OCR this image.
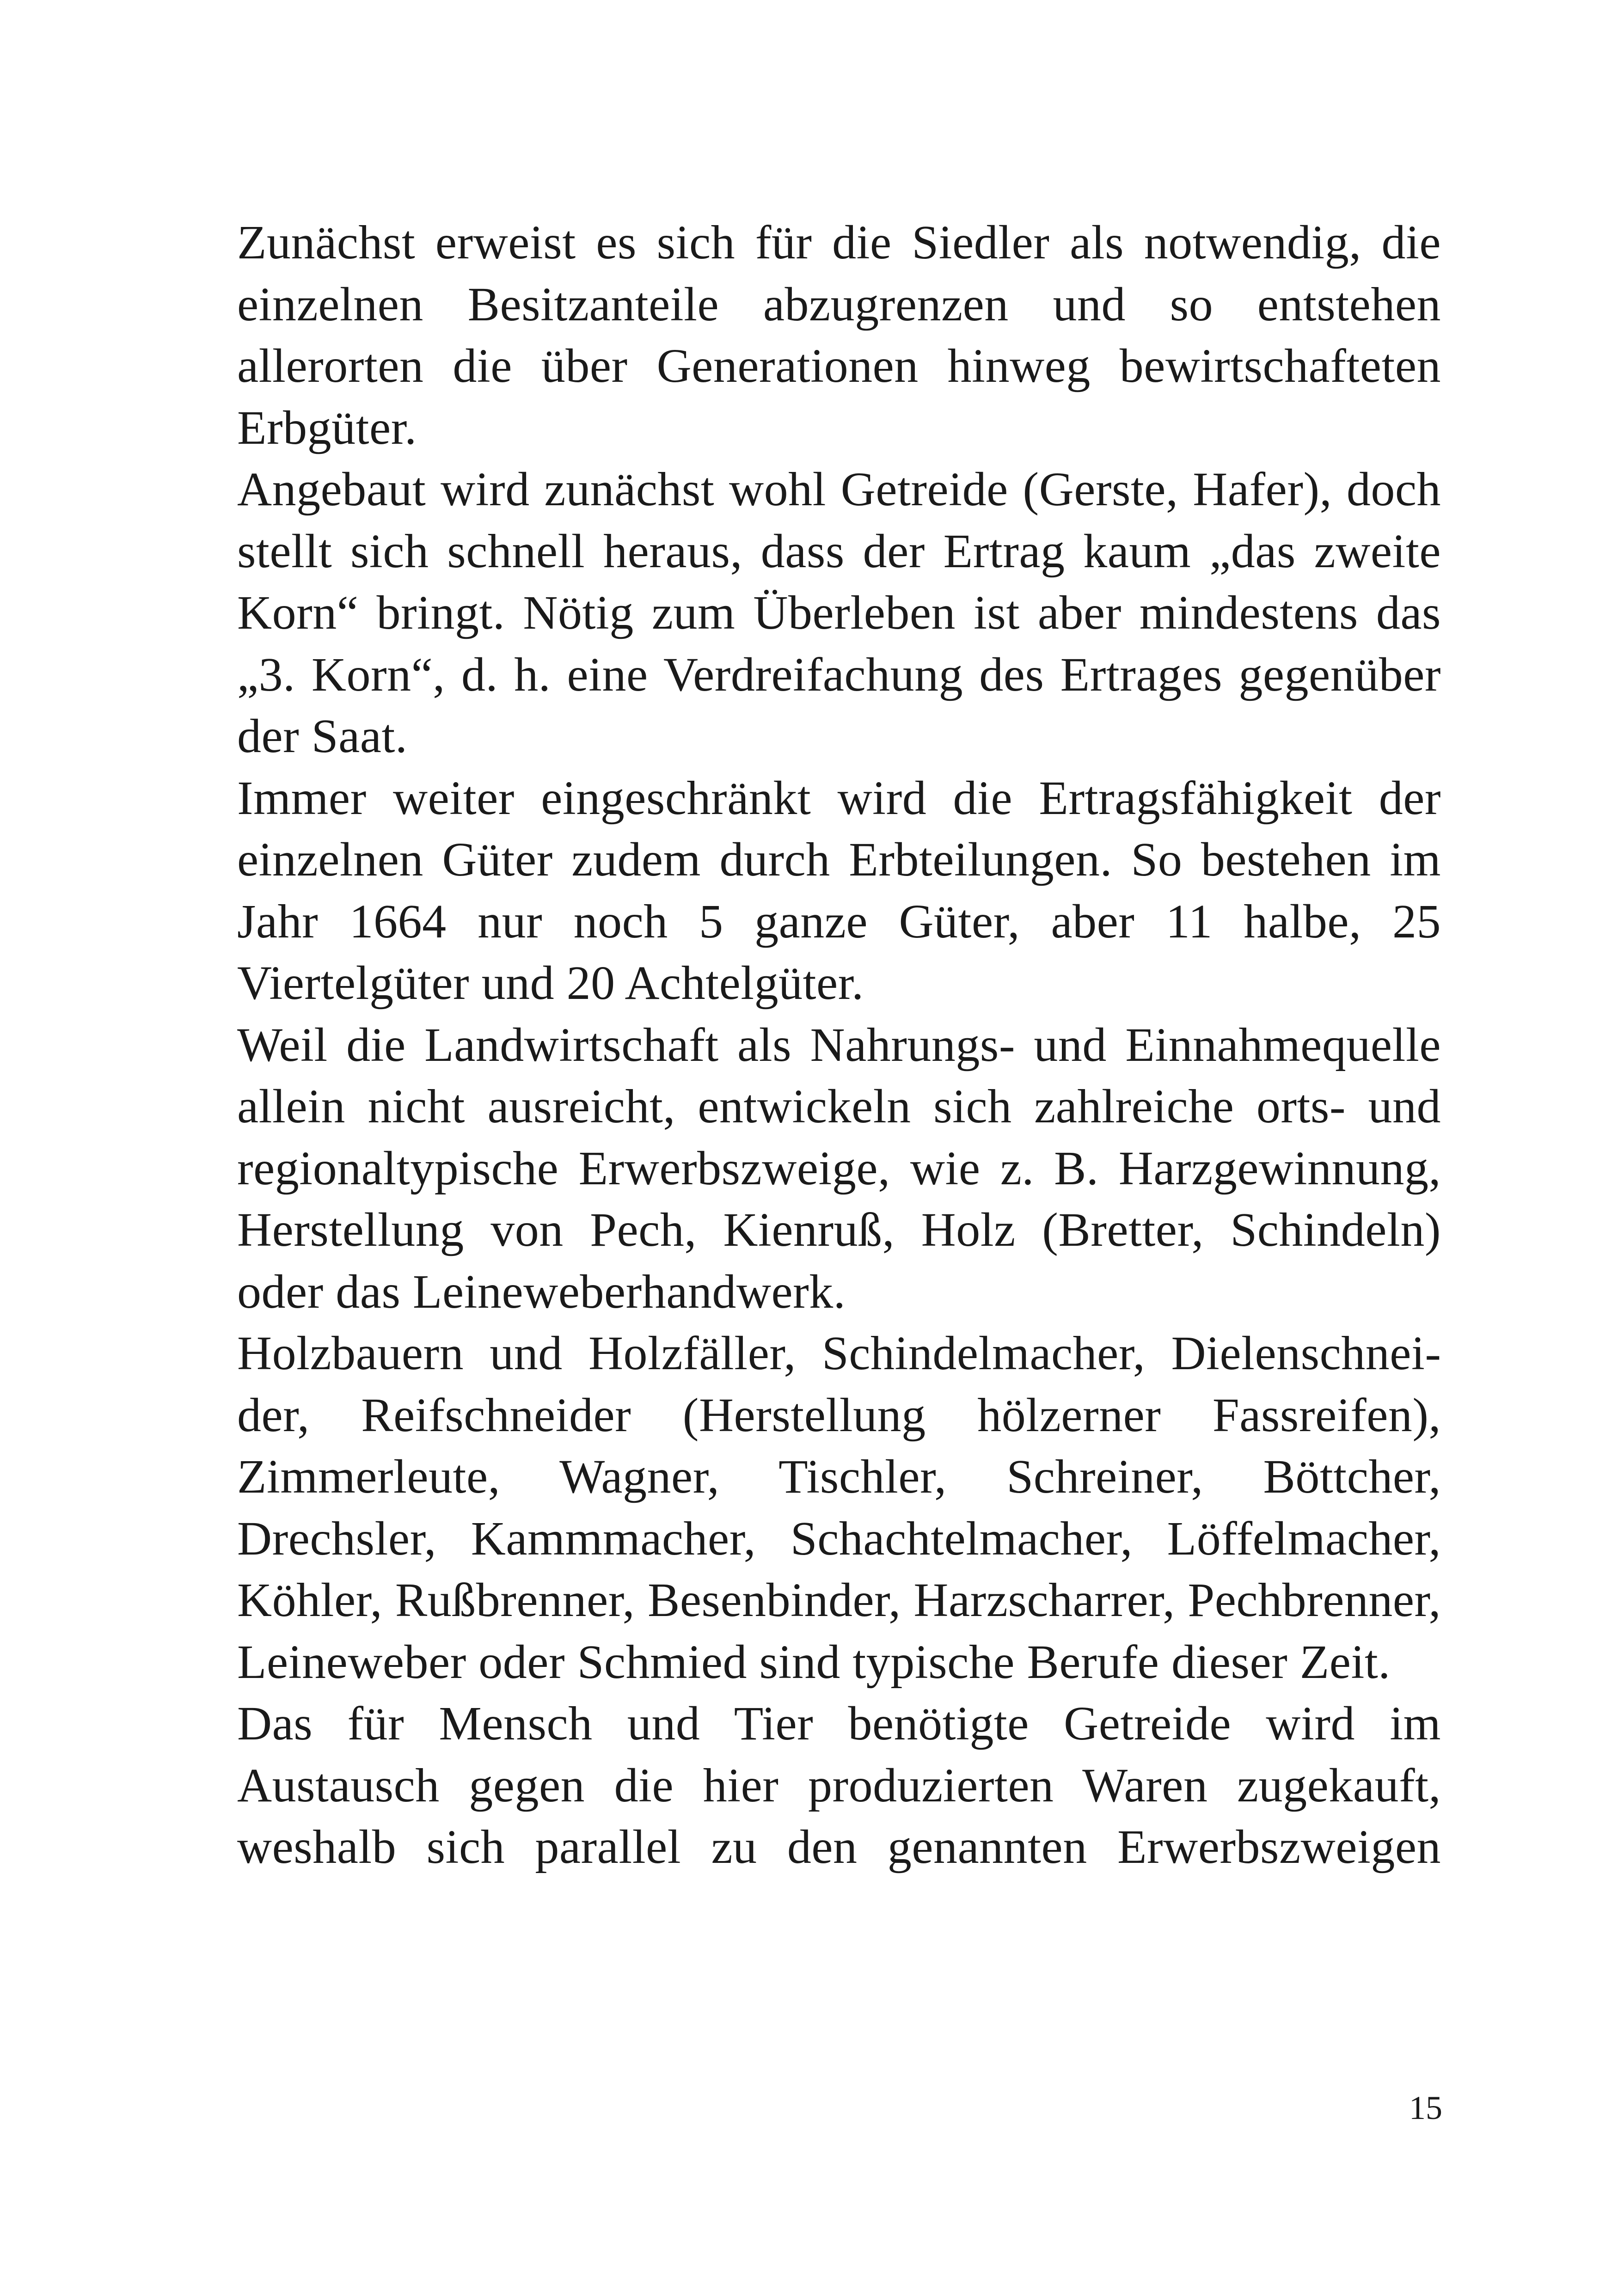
Zunächst erweist es sich für die Siedler als notwendig, die einzelnen Besitzanteile abzugrenzen und so entstehen allerorten die über Generationen hinweg bewirtschafteten Erbgüter.

Angebaut wird zunächst wohl Getreide (Gerste, Hafer), doch stellt sich schnell heraus, dass der Ertrag kaum „das zweite Korn“ bringt. Nötig zum Überleben ist aber mindestens das „3. Korn“, d. h. eine Verdreifachung des Ertrages gegenüber der Saat.

Immer weiter eingeschränkt wird die Ertragsfähigkeit der einzelnen Güter zudem durch Erbteilungen. So bestehen im Jahr 1664 nur noch 5 ganze Güter, aber 11 halbe, 25 Viertelgüter und 20 Achtelgüter.

Weil die Landwirtschaft als Nahrungs- und Einnahmequelle allein nicht ausreicht, entwickeln sich zahlreiche orts- und regionaltypische Erwerbszweige, wie z. B. Harzgewinnung, Herstellung von Pech, Kienruß, Holz (Bretter, Schindeln) oder das Leineweberhandwerk.

Holzbauern und Holzfäller, Schindelmacher, Dielenschneider, Reifschneider (Herstellung hölzerner Fassreifen), Zimmerleute, Wagner, Tischler, Schreiner, Böttcher, Drechsler, Kammmacher, Schachtelmacher, Löffelmacher, Köhler, Rußbrenner, Besenbinder, Harzscharrer, Pechbrenner, Leineweber oder Schmied sind typische Berufe dieser Zeit.

Das für Mensch und Tier benötigte Getreide wird im Austausch gegen die hier produzierten Waren zugekauft, weshalb sich parallel zu den genannten Erwerbszweigen

15
